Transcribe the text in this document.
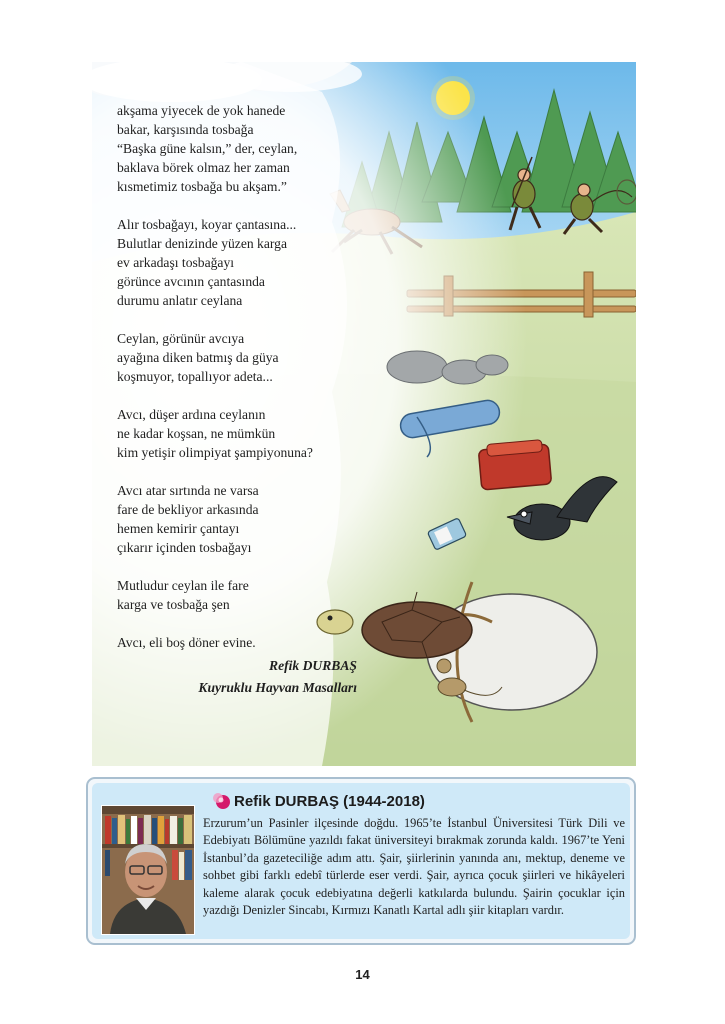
akşama yiyecek de yok hanede
bakar, karşısında tosbağa
“Başka güne kalsın,” der, ceylan,
baklava börek olmaz her zaman
kısmetimiz tosbağa bu akşam.”
Alır tosbağayı, koyar çantasına...
Bulutlar denizinde yüzen karga
ev arkadaşı tosbağayı
görünce avcının çantasında
durumu anlatır ceylana
Ceylan, görünür avcıya
ayağına diken batmış da güya
koşmuyor, topallıyor adeta...
Avcı, düşer ardına ceylanın
ne kadar koşsan, ne mümkün
kim yetişir olimpiyat şampiyonuna?
Avcı atar sırtında ne varsa
fare de bekliyor arkasında
hemen kemirir çantayı
çıkarır içinden tosbağayı
Mutludur ceylan ile fare
karga ve tosbağa şen
Avcı, eli boş döner evine.
Refik DURBAŞ
Kuyruklu Hayvan Masalları
Refik DURBAŞ (1944-2018)
Erzurum’un Pasinler ilçesinde doğdu. 1965’te İstanbul Üniversitesi Türk Dili ve Edebiyatı Bölümüne yazıldı fakat üniversiteyi bırakmak zorunda kaldı. 1967’te Yeni İstanbul’da gazeteciliğe adım attı. Şair, şiirlerinin yanında anı, mektup, deneme ve sohbet gibi farklı edebî türlerde eser verdi. Şair, ayrıca çocuk şiirleri ve hikâyeleri kaleme alarak çocuk edebiyatına değerli katkılarda bulundu. Şairin çocuklar için yazdığı Denizler Sincabı, Kırmızı Kanatlı Kartal adlı şiir kitapları vardır.
14
